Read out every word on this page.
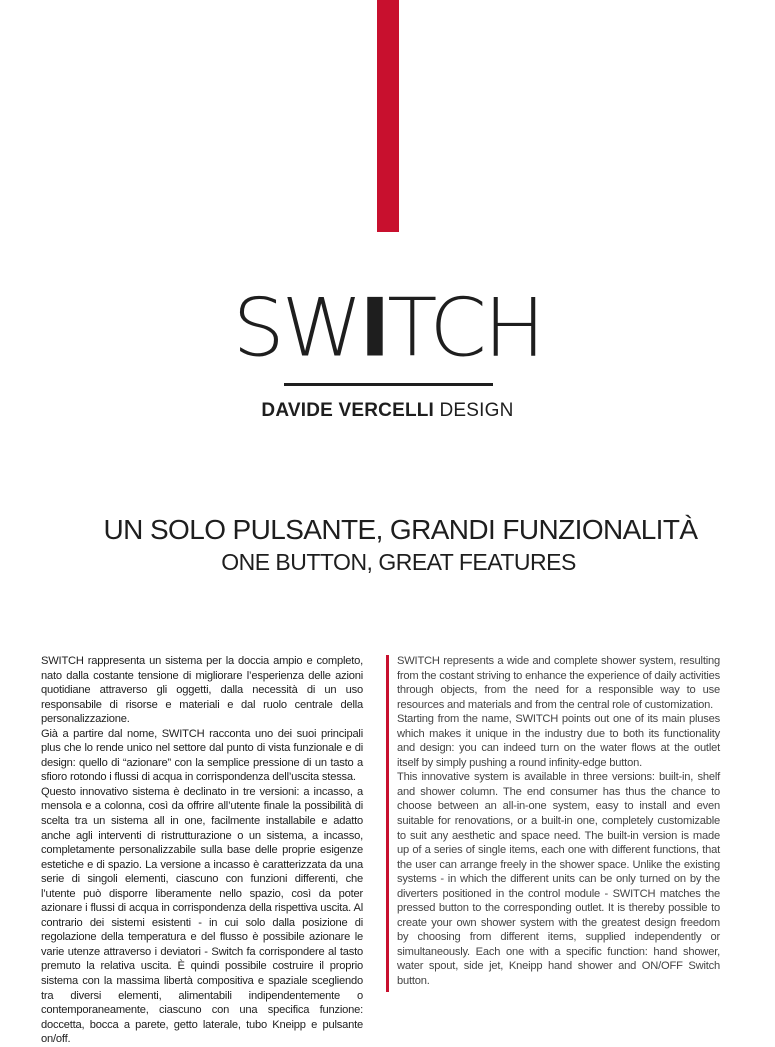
SWITCH
DAVIDE VERCELLI DESIGN
UN SOLO PULSANTE, GRANDI FUNZIONALITÀ
ONE BUTTON, GREAT FEATURES

SWITCH rappresenta un sistema per la doccia ampio e completo, nato dalla costante tensione di migliorare l’esperienza delle azioni quotidiane attraverso gli oggetti, dalla necessità di un uso responsabile di risorse e materiali e dal ruolo centrale della personalizzazione.

Già a partire dal nome, SWITCH racconta uno dei suoi principali plus che lo rende unico nel settore dal punto di vista funzionale e di design: quello di “azionare” con la semplice pressione di un tasto a sfioro rotondo i flussi di acqua in corrispondenza dell’uscita stessa.

Questo innovativo sistema è declinato in tre versioni: a incasso, a mensola e a colonna, così da offrire all’utente finale la possibilità di scelta tra un sistema all in one, facilmente installabile e adatto anche agli interventi di ristrutturazione o un sistema, a incasso, completamente personalizzabile sulla base delle proprie esigenze estetiche e di spazio. La versione a incasso è caratterizzata da una serie di singoli elementi, ciascuno con funzioni differenti, che l’utente può disporre liberamente nello spazio, così da poter azionare i flussi di acqua in corrispondenza della rispettiva uscita. Al contrario dei sistemi esistenti - in cui solo dalla posizione di regolazione della temperatura e del flusso è possibile azionare le varie utenze attraverso i deviatori - Switch fa corrispondere al tasto premuto la relativa uscita. È quindi possibile costruire il proprio sistema con la massima libertà compositiva e spaziale scegliendo tra diversi elementi, alimentabili indipendentemente o contemporaneamente, ciascuno con una specifica funzione: doccetta, bocca a parete, getto laterale, tubo Kneipp e pulsante on/off.

SWITCH represents a wide and complete shower system, resulting from the costant striving to enhance the experience of daily activities through objects, from the need for a responsible way to use resources and materials and from the central role of customization.

Starting from the name, SWITCH points out one of its main pluses which makes it unique in the industry due to both its functionality and design: you can indeed turn on the water flows at the outlet itself by simply pushing a round infinity-edge button.

This innovative system is available in three versions: built-in, shelf and shower column. The end consumer has thus the chance to choose between an all-in-one system, easy to install and even suitable for renovations, or a built-in one, completely customizable to suit any aesthetic and space need. The built-in version is made up of a series of single items, each one with different functions, that the user can arrange freely in the shower space. Unlike the existing systems - in which the different units can be only turned on by the diverters positioned in the control module - SWITCH matches the pressed button to the corresponding outlet. It is thereby possible to create your own shower system with the greatest design freedom by choosing from different items, supplied independently or simultaneously. Each one with a specific function: hand shower, water spout, side jet, Kneipp hand shower and ON/OFF Switch button.
